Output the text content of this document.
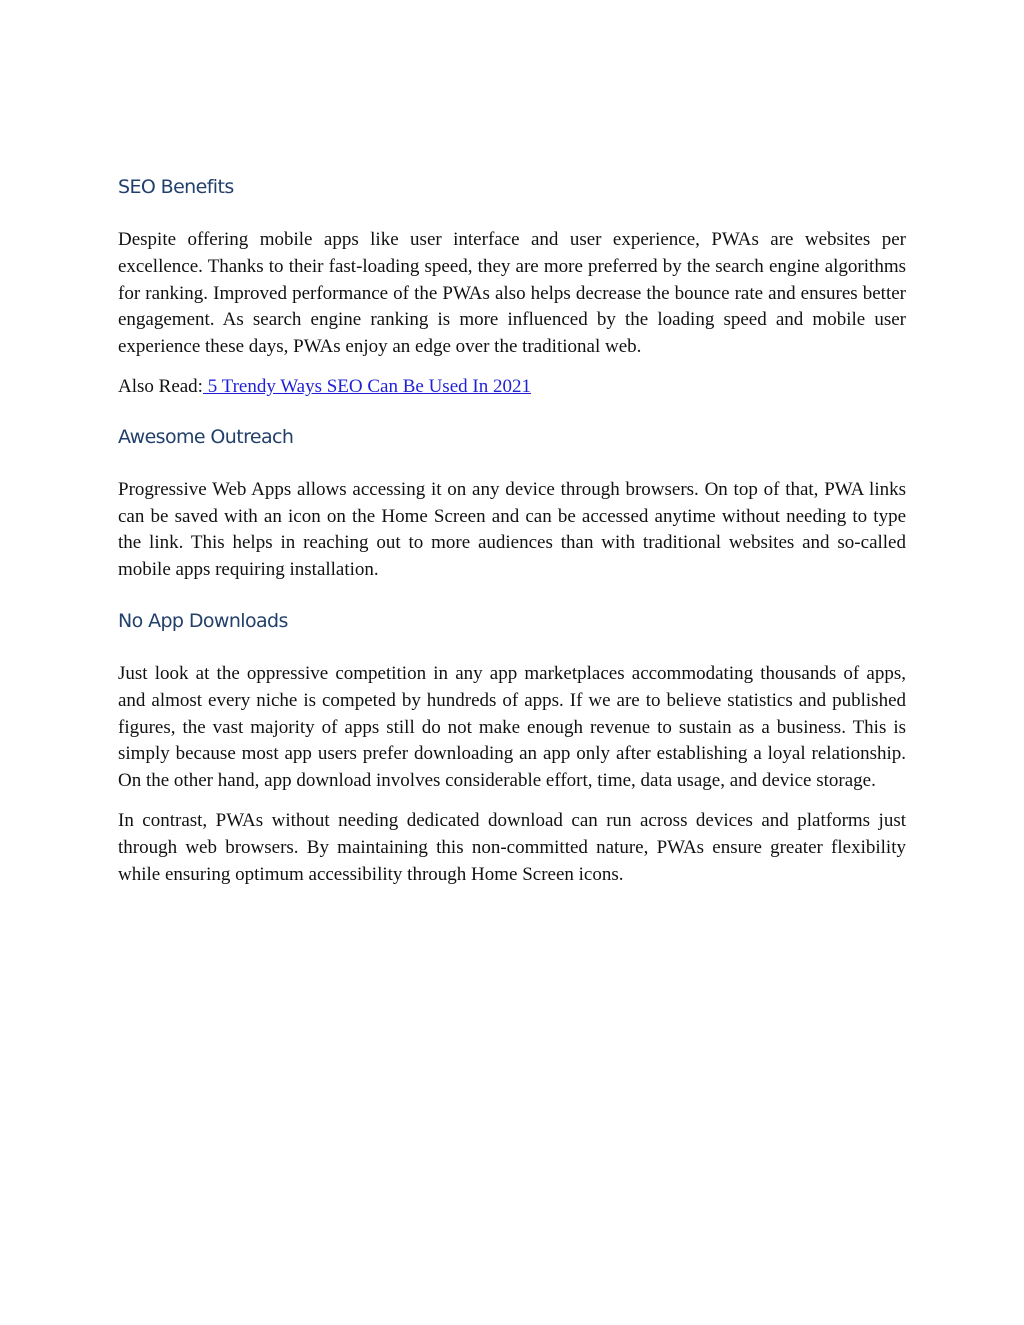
SEO Benefits

Despite offering mobile apps like user interface and user experience, PWAs are websites per excellence. Thanks to their fast-loading speed, they are more preferred by the search engine algorithms for ranking. Improved performance of the PWAs also helps decrease the bounce rate and ensures better engagement. As search engine ranking is more influenced by the loading speed and mobile user experience these days, PWAs enjoy an edge over the traditional web.

Also Read: 5 Trendy Ways SEO Can Be Used In 2021

Awesome Outreach

Progressive Web Apps allows accessing it on any device through browsers. On top of that, PWA links can be saved with an icon on the Home Screen and can be accessed anytime without needing to type the link. This helps in reaching out to more audiences than with traditional websites and so-called mobile apps requiring installation.

No App Downloads

Just look at the oppressive competition in any app marketplaces accommodating thousands of apps, and almost every niche is competed by hundreds of apps. If we are to believe statistics and published figures, the vast majority of apps still do not make enough revenue to sustain as a business. This is simply because most app users prefer downloading an app only after establishing a loyal relationship. On the other hand, app download involves considerable effort, time, data usage, and device storage.

In contrast, PWAs without needing dedicated download can run across devices and platforms just through web browsers. By maintaining this non-committed nature, PWAs ensure greater flexibility while ensuring optimum accessibility through Home Screen icons.
